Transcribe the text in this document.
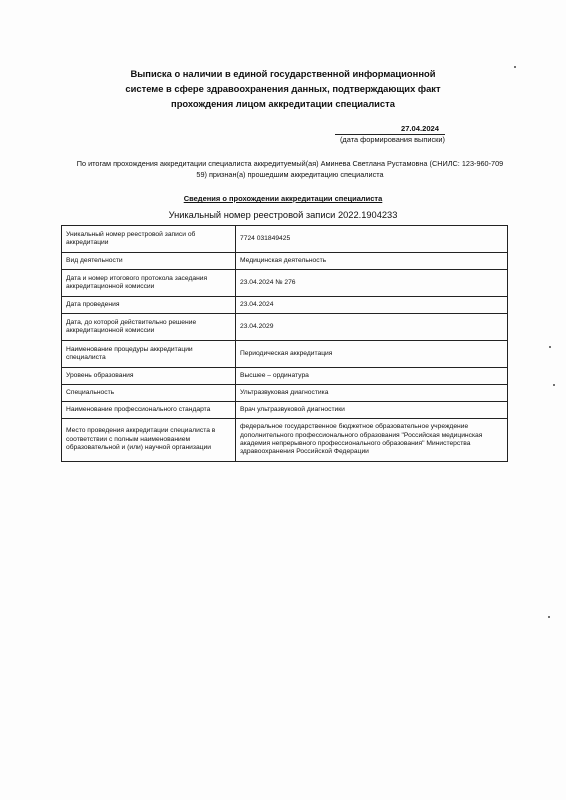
Выписка о наличии в единой государственной информационной
системе в сфере здравоохранения данных, подтверждающих факт
прохождения лицом аккредитации специалиста
27.04.2024
(дата формирования выписки)
По итогам прохождения аккредитации специалиста аккредитуемый(ая) Аминева Светлана Рустамовна (СНИЛС: 123-960-709
59) признан(а) прошедшим аккредитацию специалиста
Сведения о прохождении аккредитации специалиста
Уникальный номер реестровой записи 2022.1904233
Уникальный номер реестровой записи об аккредитации	7724 031849425
Вид деятельности	Медицинская деятельность
Дата и номер итогового протокола заседания аккредитационной комиссии	23.04.2024 № 276
Дата проведения	23.04.2024
Дата, до которой действительно решение аккредитационной комиссии	23.04.2029
Наименование процедуры аккредитации специалиста	Периодическая аккредитация
Уровень образования	Высшее – ординатура
Специальность	Ультразвуковая диагностика
Наименование профессионального стандарта	Врач ультразвуковой диагностики
Место проведения аккредитации специалиста в соответствии с полным наименованием образовательной и (или) научной организации	федеральное государственное бюджетное образовательное учреждение дополнительного профессионального образования "Российская медицинская академия непрерывного профессионального образования" Министерства здравоохранения Российской Федерации
